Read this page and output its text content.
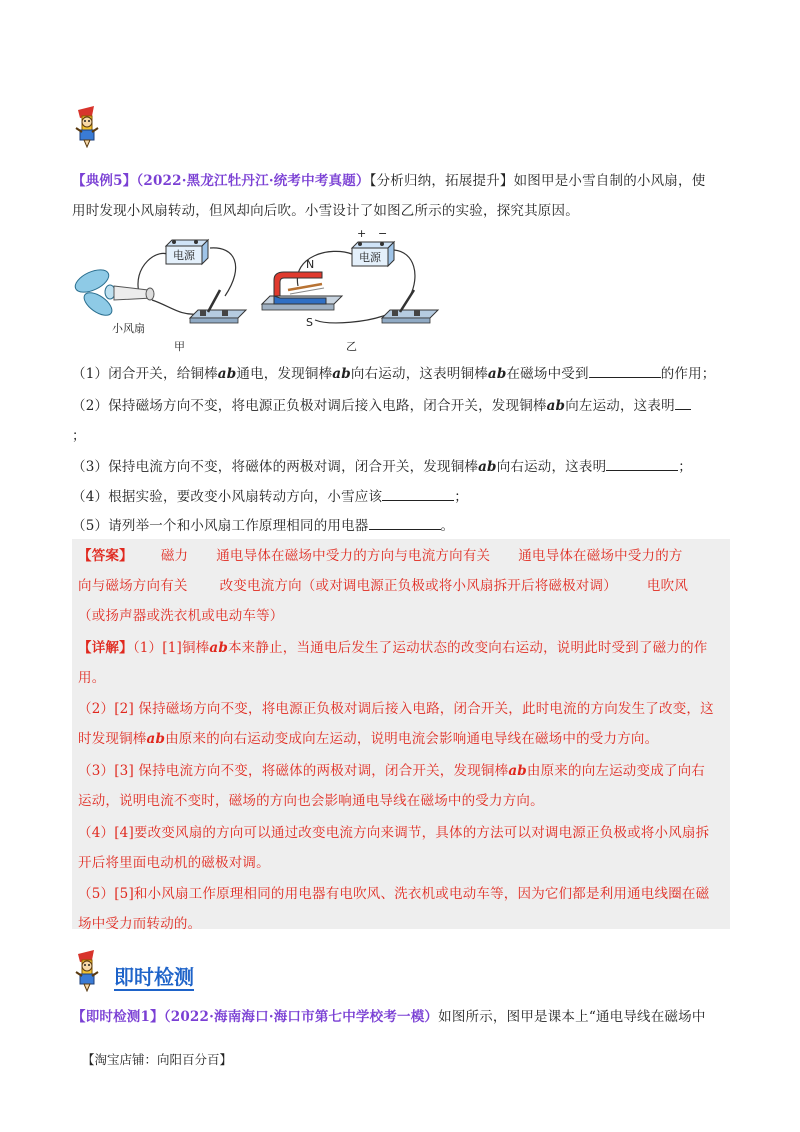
【典例5】（2022·黑龙江牡丹江·统考中考真题）【分析归纳，拓展提升】如图甲是小雪自制的小风扇，使
用时发现小风扇转动，但风却向后吹。小雪设计了如图乙所示的实验，探究其原因。
电源
小风扇
甲
电源
+ −
N
S
乙
（1）闭合开关，给铜棒ab通电，发现铜棒ab向右运动，这表明铜棒ab在磁场中受到	的作用；
（2）保持磁场方向不变，将电源正负极对调后接入电路，闭合开关，发现铜棒ab向左运动，这表明
；
（3）保持电流方向不变，将磁体的两极对调，闭合开关，发现铜棒ab向右运动，这表明	；
（4）根据实验，要改变小风扇转动方向，小雪应该	；
（5）请列举一个和小风扇工作原理相同的用电器	。
【答案】 磁力 通电导体在磁场中受力的方向与电流方向有关 通电导体在磁场中受力的方
向与磁场方向有关 改变电流方向（或对调电源正负极或将小风扇拆开后将磁极对调） 电吹风
（或扬声器或洗衣机或电动车等）
【详解】（1）[1]铜棒ab本来静止，当通电后发生了运动状态的改变向右运动，说明此时受到了磁力的作
用。
（2）[2] 保持磁场方向不变，将电源正负极对调后接入电路，闭合开关，此时电流的方向发生了改变，这
时发现铜棒ab由原来的向右运动变成向左运动，说明电流会影响通电导线在磁场中的受力方向。
（3）[3] 保持电流方向不变，将磁体的两极对调，闭合开关，发现铜棒ab由原来的向左运动变成了向右
运动，说明电流不变时，磁场的方向也会影响通电导线在磁场中的受力方向。
（4）[4]要改变风扇的方向可以通过改变电流方向来调节，具体的方法可以对调电源正负极或将小风扇拆
开后将里面电动机的磁极对调。
（5）[5]和小风扇工作原理相同的用电器有电吹风、洗衣机或电动车等，因为它们都是利用通电线圈在磁
场中受力而转动的。
即时检测
【即时检测1】（2022·海南海口·海口市第七中学校考一模）如图所示，图甲是课本上“通电导线在磁场中
【淘宝店铺：向阳百分百】
